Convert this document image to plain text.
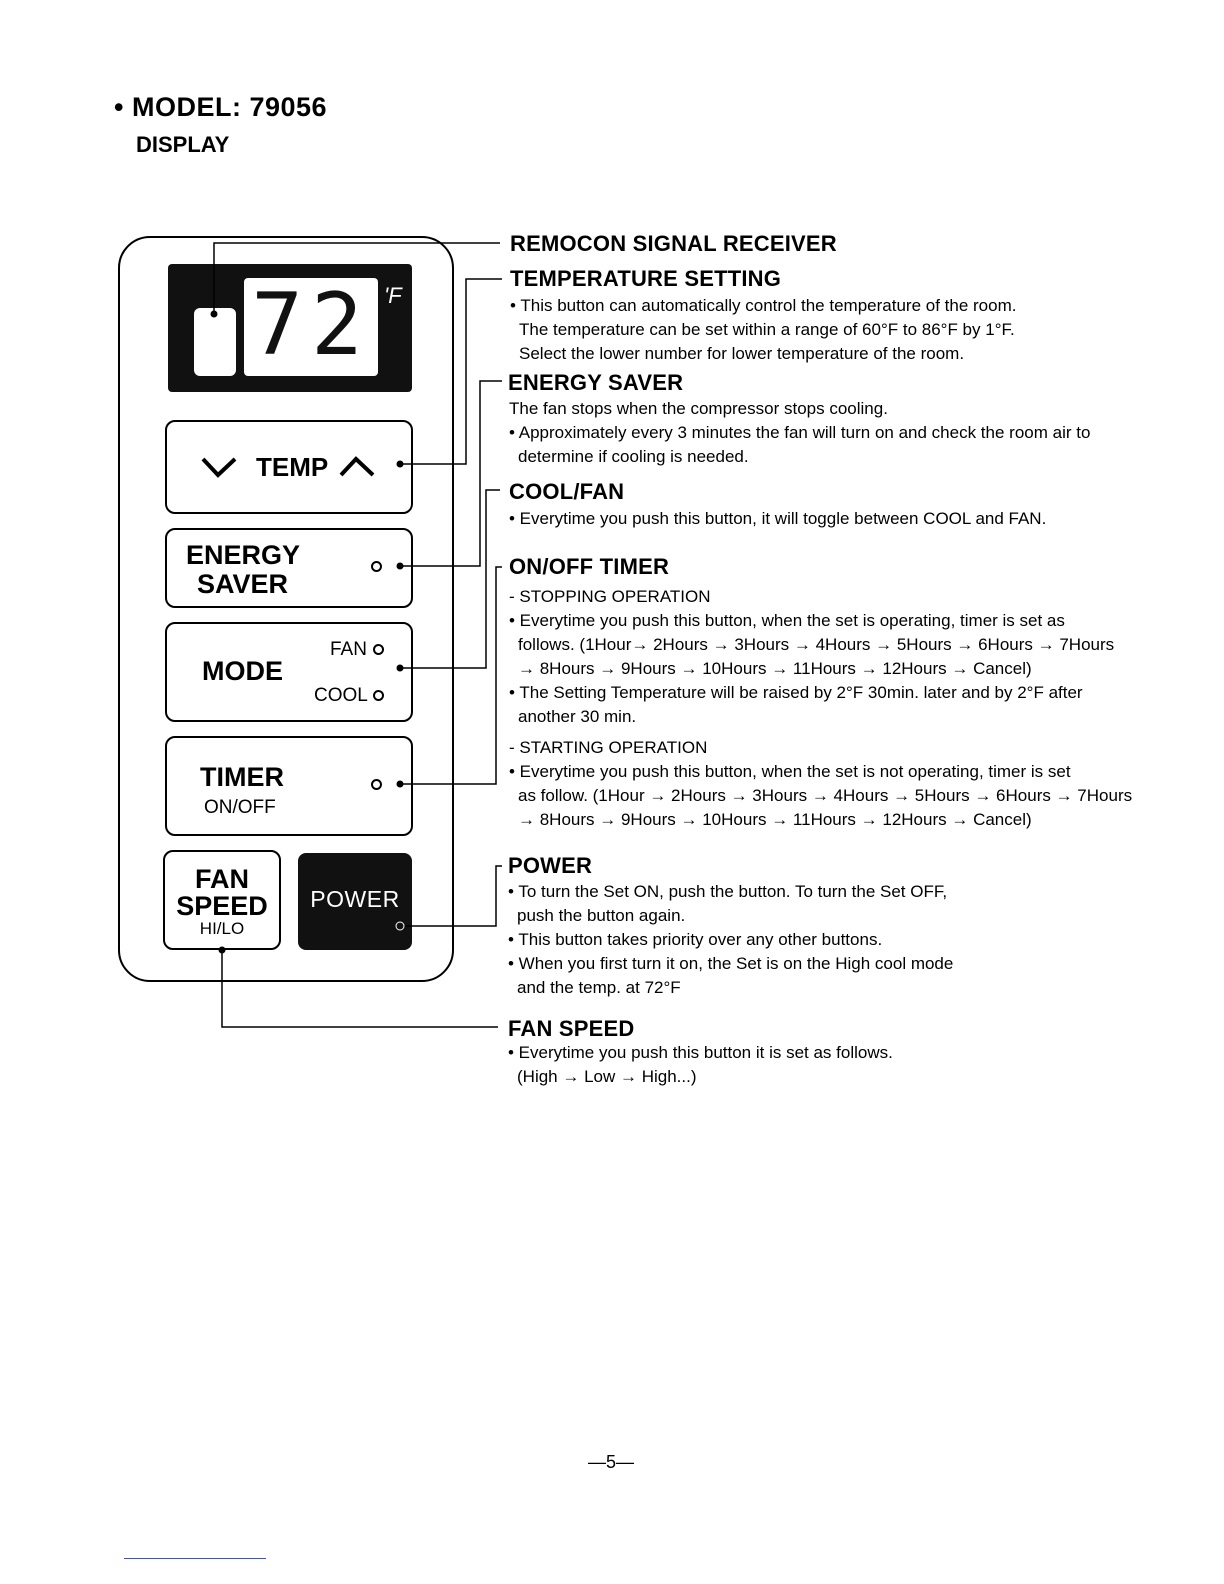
• MODEL: 79056
DISPLAY
72 'F
TEMP
ENERGY
SAVER
MODE
FAN
COOL
TIMER
ON/OFF
FAN
SPEED
HI/LO
POWER
REMOCON SIGNAL RECEIVER
TEMPERATURE SETTING
• This button can automatically control the temperature of the room.
The temperature can be set within a range of 60°F to 86°F by 1°F.
Select the lower number for lower temperature of the room.
ENERGY SAVER
The fan stops when the compressor stops cooling.
• Approximately every 3 minutes the fan will turn on and check the room air to
determine if cooling is needed.
COOL/FAN
• Everytime you push this button, it will toggle between COOL and FAN.
ON/OFF TIMER
- STOPPING OPERATION
• Everytime you push this button, when the set is operating, timer is set as
follows. (1Hour→ 2Hours → 3Hours → 4Hours → 5Hours → 6Hours → 7Hours
→ 8Hours → 9Hours → 10Hours → 11Hours → 12Hours → Cancel)
• The Setting Temperature will be raised by 2°F 30min. later and by 2°F after
another 30 min.
- STARTING OPERATION
• Everytime you push this button, when the set is not operating, timer is set
as follow. (1Hour → 2Hours → 3Hours → 4Hours → 5Hours → 6Hours → 7Hours
→ 8Hours → 9Hours → 10Hours → 11Hours → 12Hours → Cancel)
POWER
• To turn the Set ON, push the button. To turn the Set OFF,
push the button again.
• This button takes priority over any other buttons.
• When you first turn it on, the Set is on the High cool mode
and the temp. at 72°F
FAN SPEED
• Everytime you push this button it is set as follows.
(High → Low → High...)
—5—
